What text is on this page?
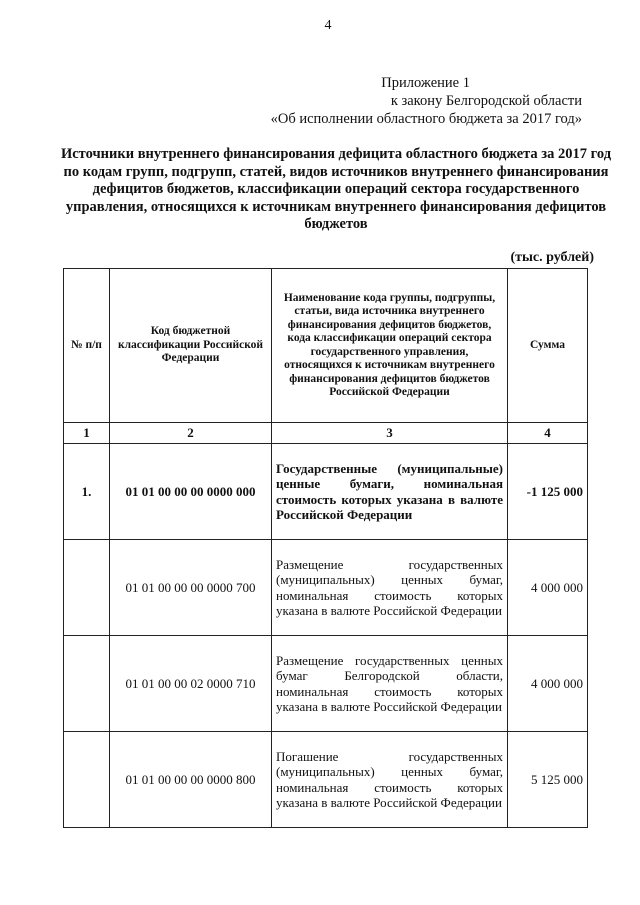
4
Приложение 1
к закону Белгородской области
«Об исполнении областного бюджета за 2017 год»
Источники внутреннего финансирования дефицита областного бюджета за 2017 год по кодам групп, подгрупп, статей, видов источников внутреннего финансирования дефицитов бюджетов, классификации операций сектора государственного управления, относящихся к источникам внутреннего финансирования дефицитов бюджетов
(тыс. рублей)
№ п/п	Код бюджетной классификации Российской Федерации	Наименование кода группы, подгруппы, статьи, вида источника внутреннего финансирования дефицитов бюджетов, кода классификации операций сектора государственного управления, относящихся к источникам внутреннего финансирования дефицитов бюджетов Российской Федерации	Сумма
1	2	3	4
1.	01 01 00 00 00 0000 000	Государственные (муниципальные) ценные бумаги, номинальная стоимость которых указана в валюте Российской Федерации	-1 125 000
	01 01 00 00 00 0000 700	Размещение государственных (муниципальных) ценных бумаг, номинальная стоимость которых указана в валюте Российской Федерации	4 000 000
	01 01 00 00 02 0000 710	Размещение государственных ценных бумаг Белгородской области, номинальная стоимость которых указана в валюте Российской Федерации	4 000 000
	01 01 00 00 00 0000 800	Погашение государственных (муниципальных) ценных бумаг, номинальная стоимость которых указана в валюте Российской Федерации	5 125 000
